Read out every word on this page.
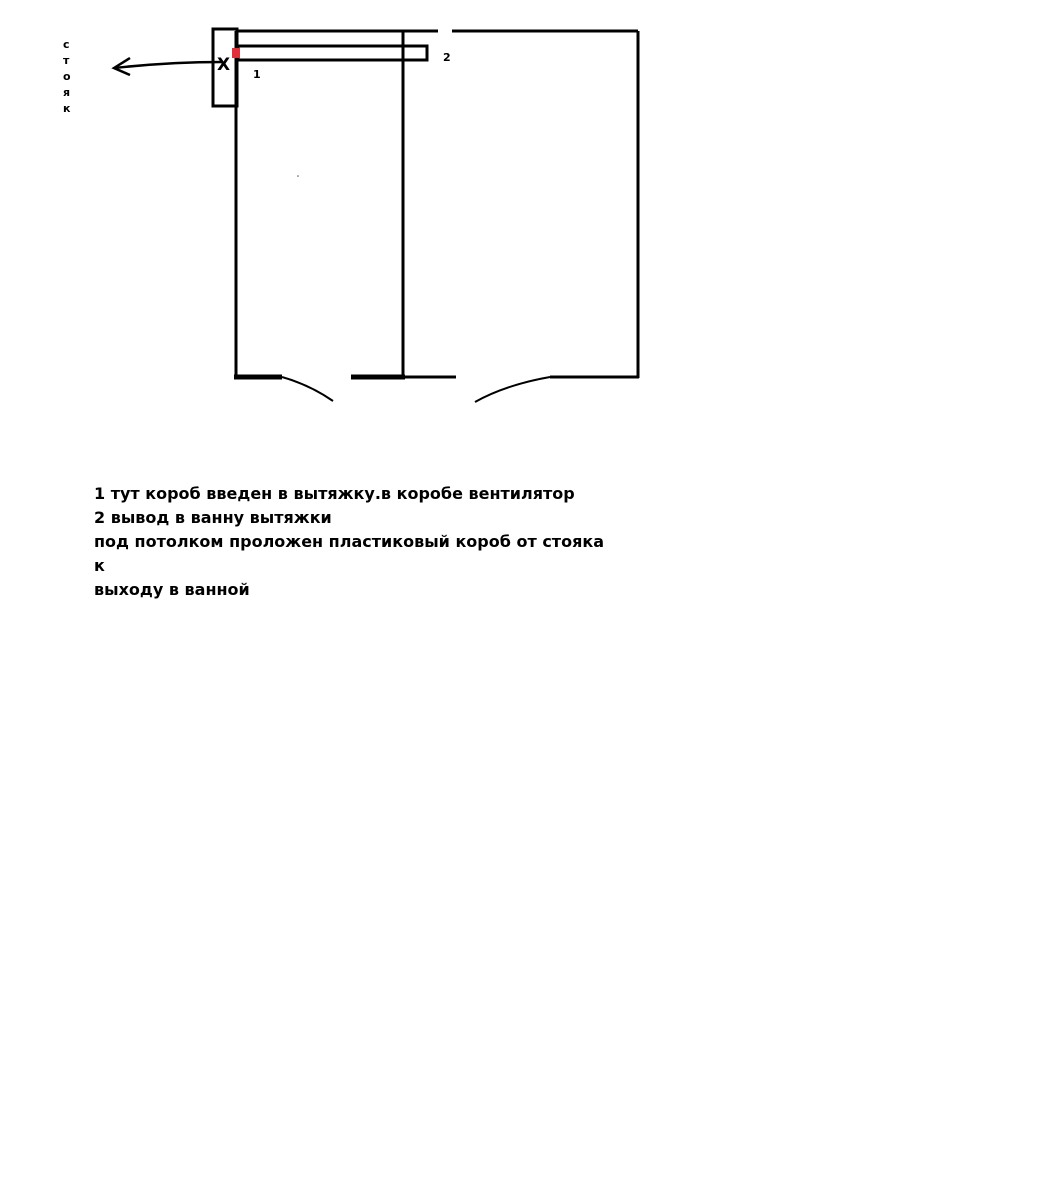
с
т
о
я
к
Х 1
2
1 тут короб введен в вытяжку.в коробе вентилятор
2 вывод в ванну вытяжки
под потолком проложен пластиковый короб от стояка к
выходу в ванной
